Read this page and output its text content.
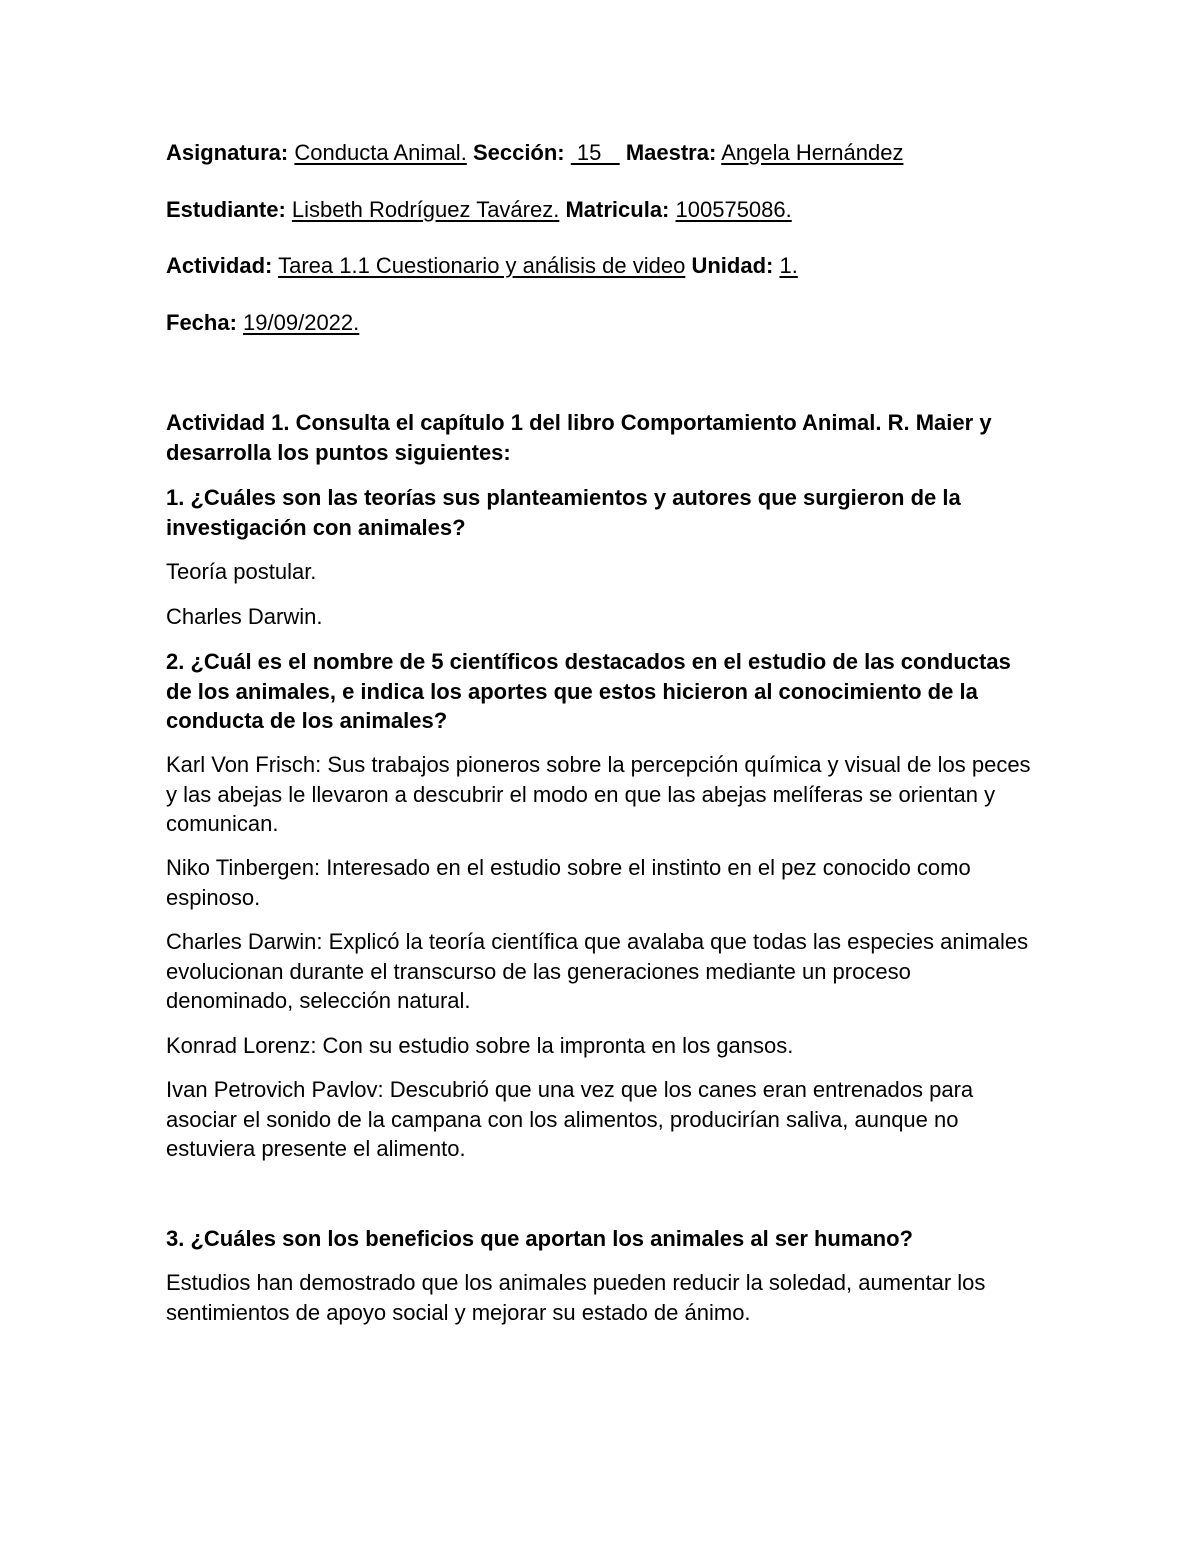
Asignatura: Conducta Animal. Sección:  15    Maestra: Angela Hernández
Estudiante: Lisbeth Rodríguez Tavárez. Matricula: 100575086.
Actividad: Tarea 1.1 Cuestionario y análisis de video Unidad: 1.
Fecha: 19/09/2022.

Actividad 1. Consulta el capítulo 1 del libro Comportamiento Animal. R. Maier y desarrolla los puntos siguientes:

1. ¿Cuáles son las teorías sus planteamientos y autores que surgieron de la investigación con animales?

Teoría postular.

Charles Darwin.

2. ¿Cuál es el nombre de 5 científicos destacados en el estudio de las conductas de los animales, e indica los aportes que estos hicieron al conocimiento de la conducta de los animales?

Karl Von Frisch: Sus trabajos pioneros sobre la percepción química y visual de los peces y las abejas le llevaron a descubrir el modo en que las abejas melíferas se orientan y comunican.

Niko Tinbergen: Interesado en el estudio sobre el instinto en el pez conocido como espinoso.

Charles Darwin: Explicó la teoría científica que avalaba que todas las especies animales evolucionan durante el transcurso de las generaciones mediante un proceso denominado, selección natural.

Konrad Lorenz: Con su estudio sobre la impronta en los gansos.

Ivan Petrovich Pavlov: Descubrió que una vez que los canes eran entrenados para asociar el sonido de la campana con los alimentos, producirían saliva, aunque no estuviera presente el alimento.

3. ¿Cuáles son los beneficios que aportan los animales al ser humano?

Estudios han demostrado que los animales pueden reducir la soledad, aumentar los sentimientos de apoyo social y mejorar su estado de ánimo.
